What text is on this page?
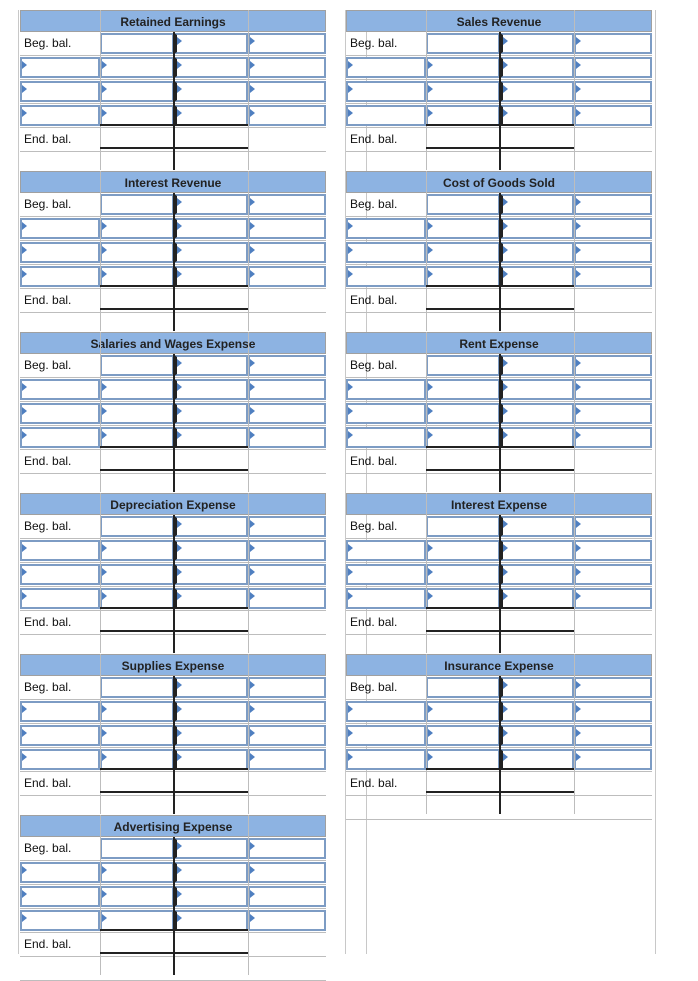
Retained Earnings
Beg. bal.
End. bal.
Sales Revenue
Beg. bal.
End. bal.
Interest Revenue
Beg. bal.
End. bal.
Cost of Goods Sold
Beg. bal.
End. bal.
Salaries and Wages Expense
Beg. bal.
End. bal.
Rent Expense
Beg. bal.
End. bal.
Depreciation Expense
Beg. bal.
End. bal.
Interest Expense
Beg. bal.
End. bal.
Supplies Expense
Beg. bal.
End. bal.
Insurance Expense
Beg. bal.
End. bal.
Advertising Expense
Beg. bal.
End. bal.
